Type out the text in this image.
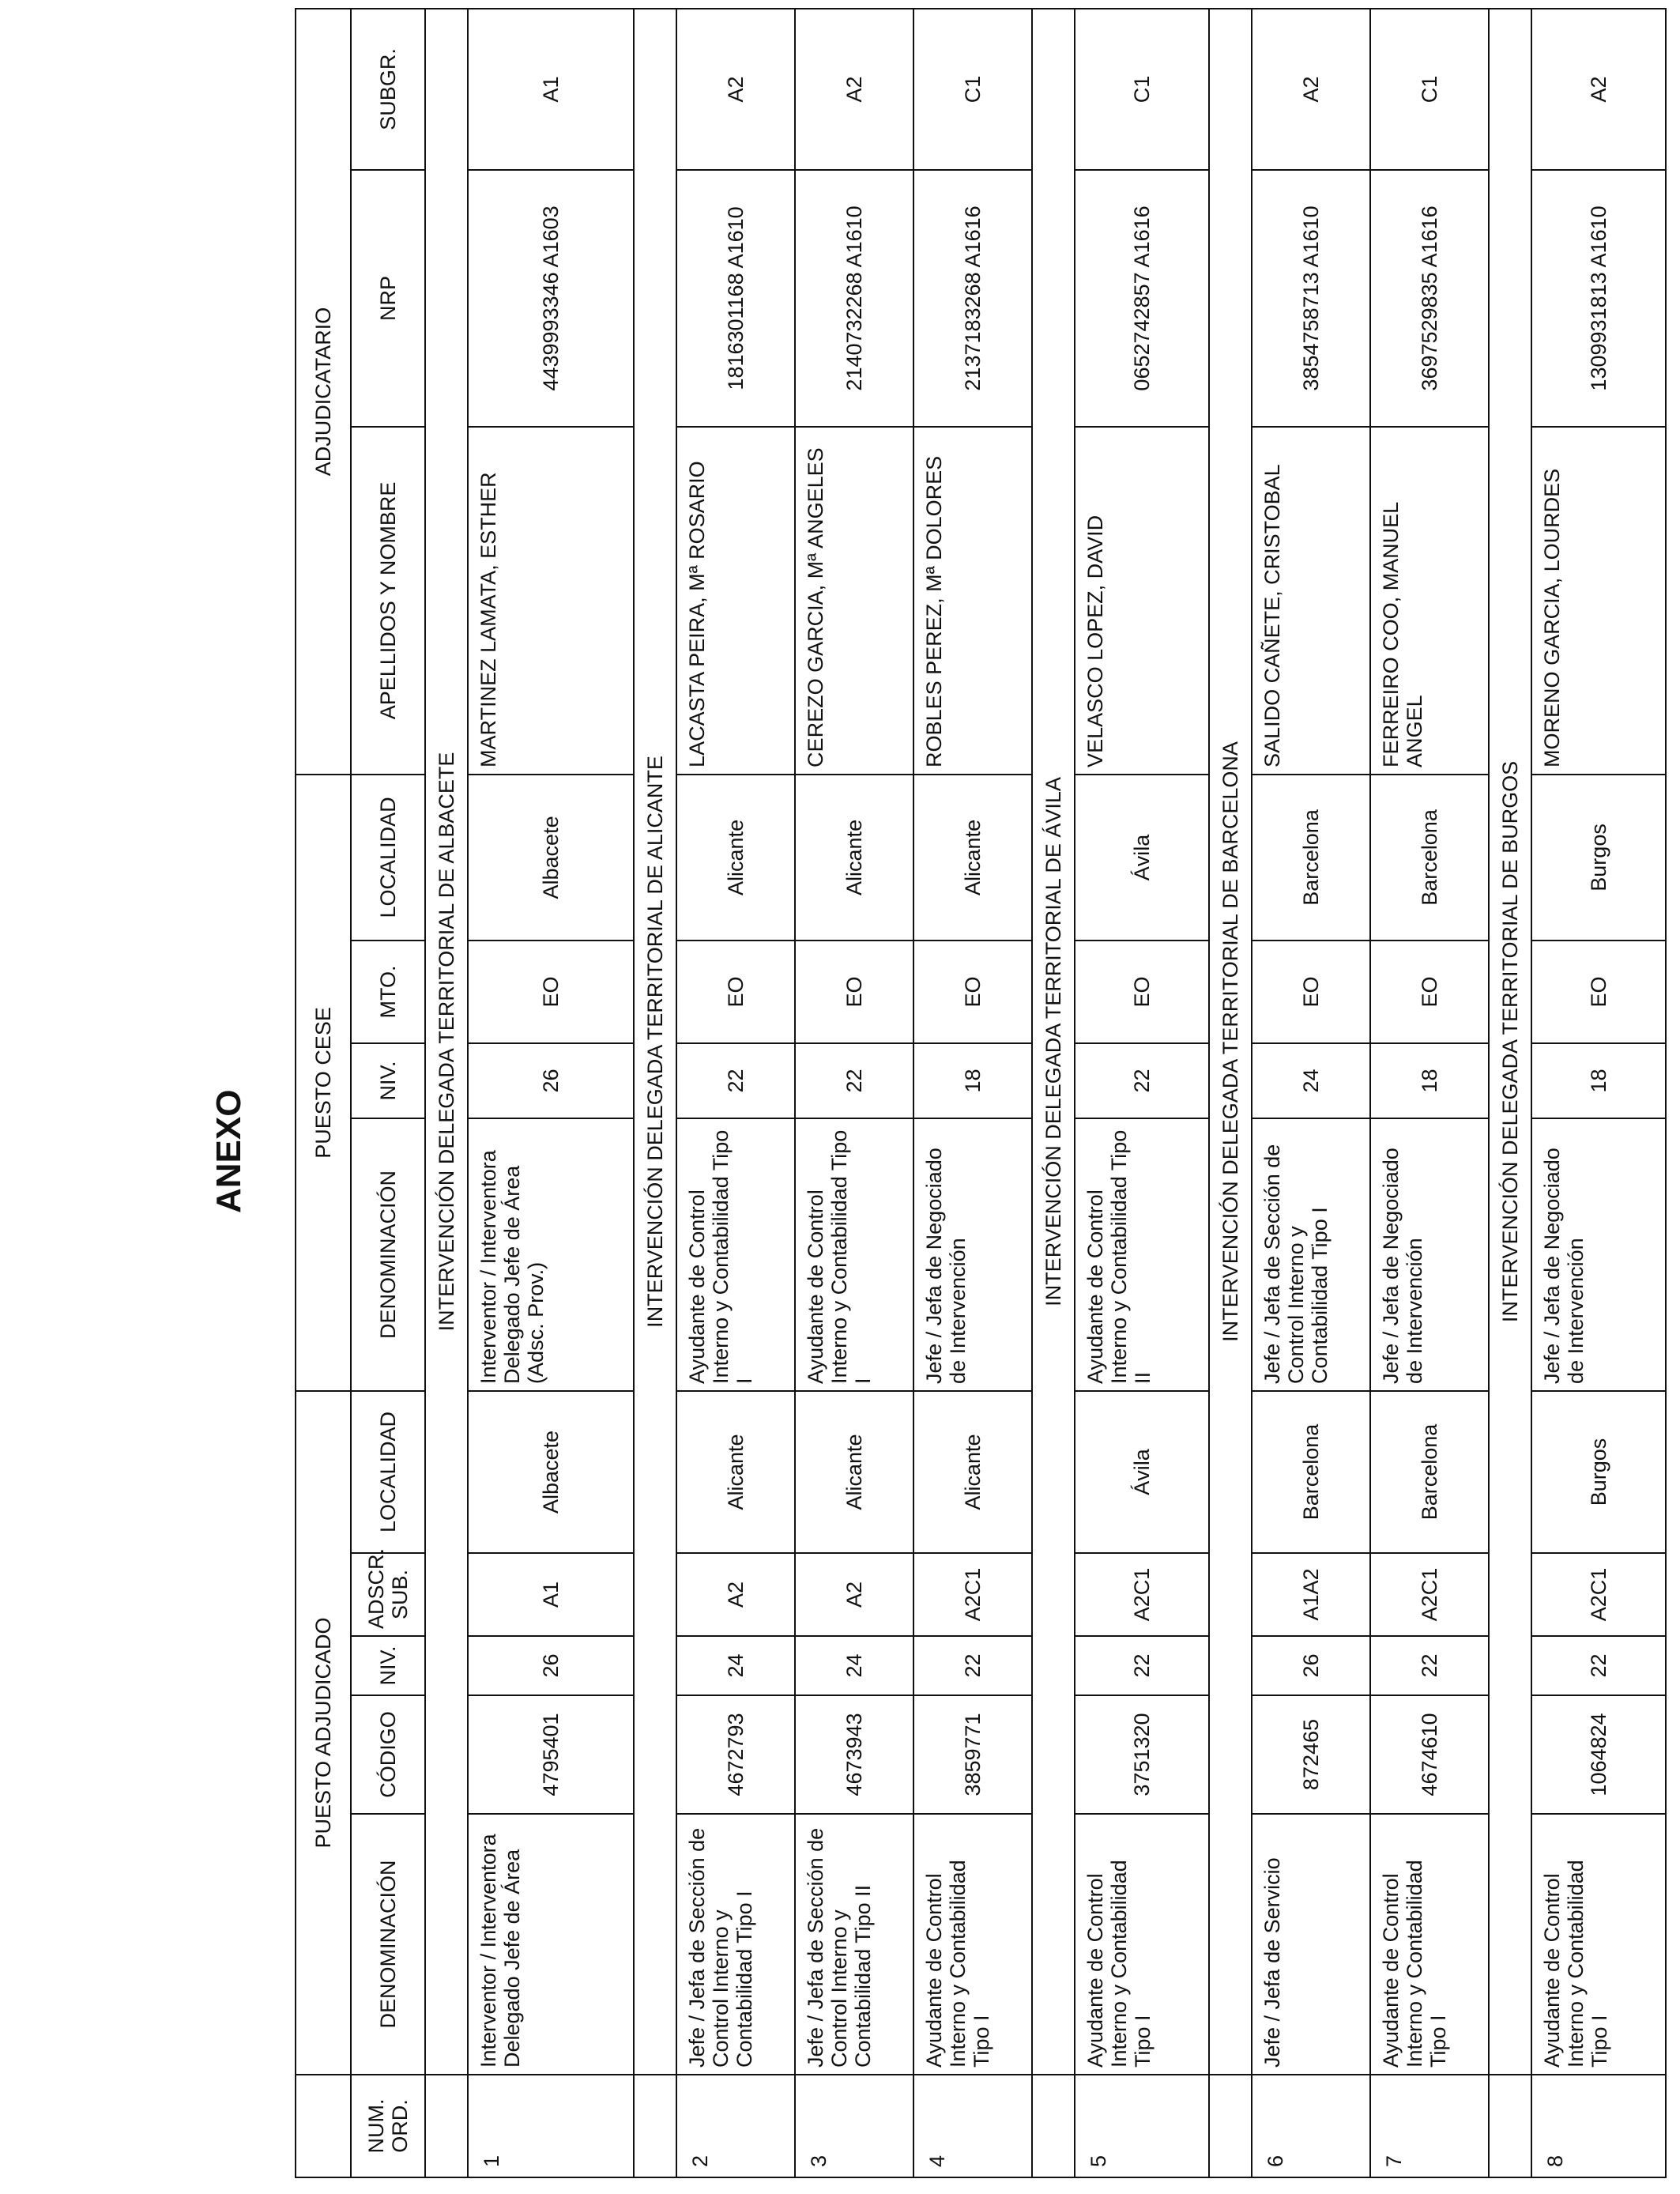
ANEXO
	PUESTO ADJUDICADO					PUESTO CESE				ADJUDICATARIO		
NUM. ORD.	DENOMINACIÓN	CÓDIGO	NIV.	ADSCR. SUB.	LOCALIDAD	DENOMINACIÓN	NIV.	MTO.	LOCALIDAD	APELLIDOS Y NOMBRE	NRP	SUBGR.
	INTERVENCIÓN DELEGADA TERRITORIAL DE ALBACETE											
1	Interventor / Interventora Delegado Jefe de Área	4795401	26	A1	Albacete	Interventor / Interventora Delegado Jefe de Área (Adsc. Prov.)	26	EO	Albacete	MARTINEZ LAMATA, ESTHER	4439993346 A1603	A1
	INTERVENCIÓN DELEGADA TERRITORIAL DE ALICANTE											
2	Jefe / Jefa de Sección de Control Interno y Contabilidad Tipo I	4672793	24	A2	Alicante	Ayudante de Control Interno y Contabilidad Tipo I	22	EO	Alicante	LACASTA PEIRA, Mª ROSARIO	1816301168 A1610	A2
3	Jefe / Jefa de Sección de Control Interno y Contabilidad Tipo II	4673943	24	A2	Alicante	Ayudante de Control Interno y Contabilidad Tipo I	22	EO	Alicante	CEREZO GARCIA, Mª ANGELES	2140732268 A1610	A2
4	Ayudante de Control Interno y Contabilidad Tipo I	3859771	22	A2C1	Alicante	Jefe / Jefa de Negociado de Intervención	18	EO	Alicante	ROBLES PEREZ, Mª DOLORES	2137183268 A1616	C1
	INTERVENCIÓN DELEGADA TERRITORIAL DE ÁVILA											
5	Ayudante de Control Interno y Contabilidad Tipo I	3751320	22	A2C1	Ávila	Ayudante de Control Interno y Contabilidad Tipo II	22	EO	Ávila	VELASCO LOPEZ, DAVID	0652742857 A1616	C1
	INTERVENCIÓN DELEGADA TERRITORIAL DE BARCELONA											
6	Jefe / Jefa de Servicio	872465	26	A1A2	Barcelona	Jefe / Jefa de Sección de Control Interno y Contabilidad Tipo I	24	EO	Barcelona	SALIDO CAÑETE, CRISTOBAL	3854758713 A1610	A2
7	Ayudante de Control Interno y Contabilidad Tipo I	4674610	22	A2C1	Barcelona	Jefe / Jefa de Negociado de Intervención	18	EO	Barcelona	FERREIRO COO, MANUEL ANGEL	3697529835 A1616	C1
	INTERVENCIÓN DELEGADA TERRITORIAL DE BURGOS											
8	Ayudante de Control Interno y Contabilidad Tipo I	1064824	22	A2C1	Burgos	Jefe / Jefa de Negociado de Intervención	18	EO	Burgos	MORENO GARCIA, LOURDES	1309931813 A1610	A2
